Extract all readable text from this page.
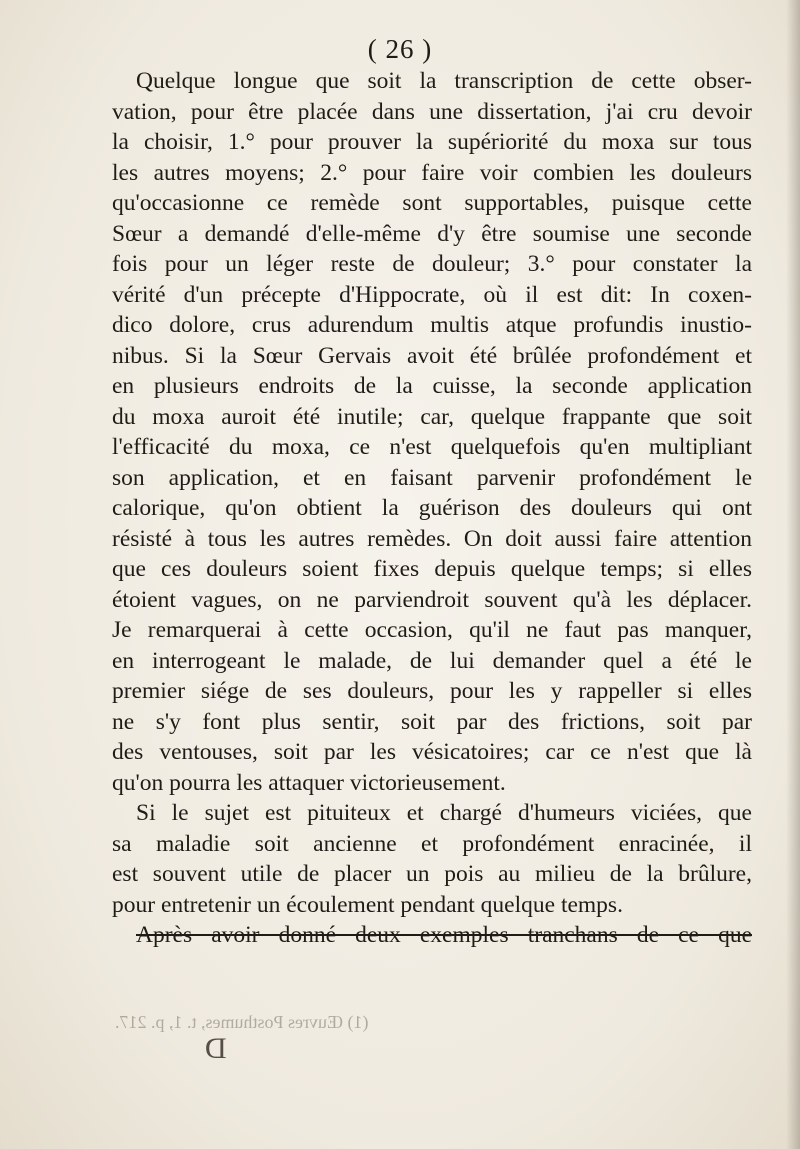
( 26 )
Quelque longue que soit la transcription de cette obser-
vation, pour être placée dans une dissertation, j'ai cru devoir
la choisir, 1.° pour prouver la supériorité du moxa sur tous
les autres moyens; 2.° pour faire voir combien les douleurs
qu'occasionne ce remède sont supportables, puisque cette
Sœur a demandé d'elle-même d'y être soumise une seconde
fois pour un léger reste de douleur; 3.° pour constater la
vérité d'un précepte d'Hippocrate, où il est dit: In coxen-
dico dolore, crus adurendum multis atque profundis inustio-
nibus. Si la Sœur Gervais avoit été brûlée profondément et
en plusieurs endroits de la cuisse, la seconde application
du moxa auroit été inutile; car, quelque frappante que soit
l'efficacité du moxa, ce n'est quelquefois qu'en multipliant
son application, et en faisant parvenir profondément le
calorique, qu'on obtient la guérison des douleurs qui ont
résisté à tous les autres remèdes. On doit aussi faire attention
que ces douleurs soient fixes depuis quelque temps; si elles
étoient vagues, on ne parviendroit souvent qu'à les déplacer.
Je remarquerai à cette occasion, qu'il ne faut pas manquer,
en interrogeant le malade, de lui demander quel a été le
premier siége de ses douleurs, pour les y rappeller si elles
ne s'y font plus sentir, soit par des frictions, soit par
des ventouses, soit par les vésicatoires; car ce n'est que là
qu'on pourra les attaquer victorieusement.
Si le sujet est pituiteux et chargé d'humeurs viciées, que
sa maladie soit ancienne et profondément enracinée, il
est souvent utile de placer un pois au milieu de la brûlure,
pour entretenir un écoulement pendant quelque temps.
Après avoir donné deux exemples tranchans de ce que
(1) Œuvres Posthumes, t. 1, p. 217.
D
